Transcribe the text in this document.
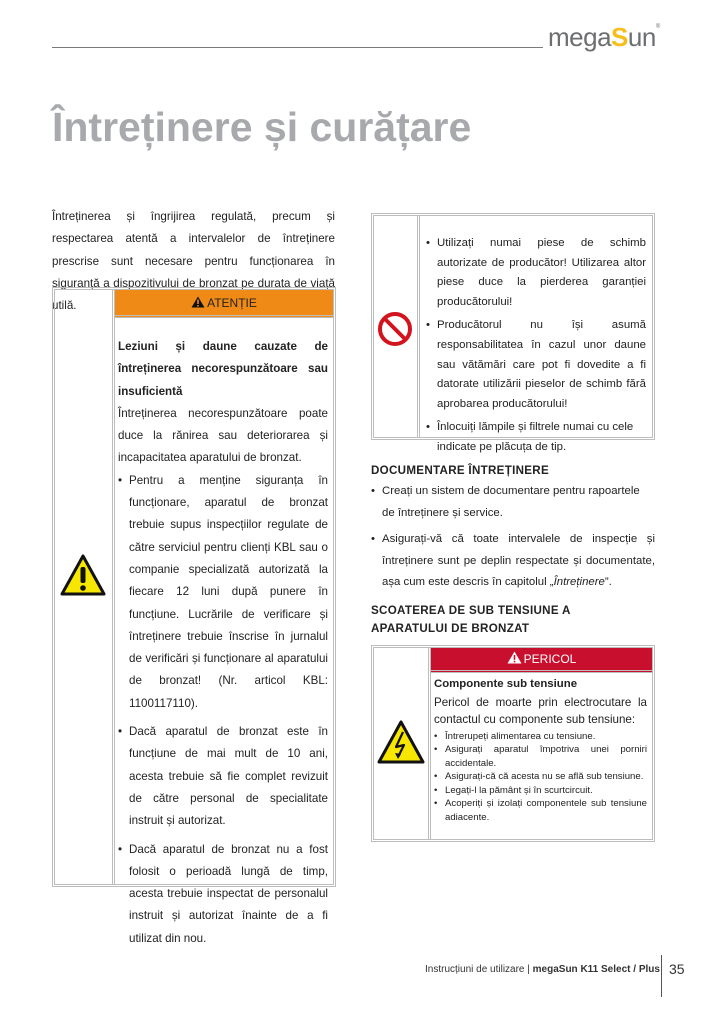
megaSun®
Întreținere și curățare
Întreținerea și îngrijirea regulată, precum și respectarea atentă a intervalelor de întreținere prescrise sunt necesare pentru funcționarea în siguranță a dispozitivului de bronzat pe durata de viață utilă.	ATENȚIE
Leziuni și daune cauzate de întreținerea necorespunzătoare sau insuficientă
Întreținerea necorespunzătoare poate duce la rănirea sau deteriorarea și incapacitatea aparatului de bronzat.
• Pentru a menține siguranța în funcționare, aparatul de bronzat trebuie supus inspecțiilor regulate de către serviciul pentru clienți KBL sau o companie specializată autorizată la fiecare 12 luni după punere în funcțiune. Lucrările de verificare și întreținere trebuie înscrise în jurnalul de verificări și funcționare al aparatului de bronzat! (Nr. articol KBL: 1100117110).
• Dacă aparatul de bronzat este în funcțiune de mai mult de 10 ani, acesta trebuie să fie complet revizuit de către personal de specialitate instruit și autorizat.
• Dacă aparatul de bronzat nu a fost folosit o perioadă lungă de timp, acesta trebuie inspectat de personalul instruit și autorizat înainte de a fi utilizat din nou.
• Utilizați numai piese de schimb autorizate de producător! Utilizarea altor piese duce la pierderea garanției producătorului!
• Producătorul nu își asumă responsabilitatea în cazul unor daune sau vătămări care pot fi dovedite a fi datorate utilizării pieselor de schimb fără aprobarea producătorului!
• Înlocuiți lămpile și filtrele numai cu cele indicate pe plăcuța de tip.
DOCUMENTARE ÎNTREȚINERE
• Creați un sistem de documentare pentru rapoartele de întreținere și service.
• Asigurați-vă că toate intervalele de inspecție și întreținere sunt pe deplin respectate și documentate, așa cum este descris în capitolul „Întreținere”.
SCOATEREA DE SUB TENSIUNE A
APARATULUI DE BRONZAT
PERICOL
Componente sub tensiune
Pericol de moarte prin electrocutare la contactul cu componente sub tensiune:
• Întrerupeți alimentarea cu tensiune.
• Asigurați aparatul împotriva unei porniri accidentale.
• Asigurați-că că acesta nu se află sub tensiune.
• Legați-l la pământ și în scurtcircuit.
• Acoperiți și izolați componentele sub tensiune adiacente.
Instrucțiuni de utilizare | megaSun K11 Select / Plus 35
